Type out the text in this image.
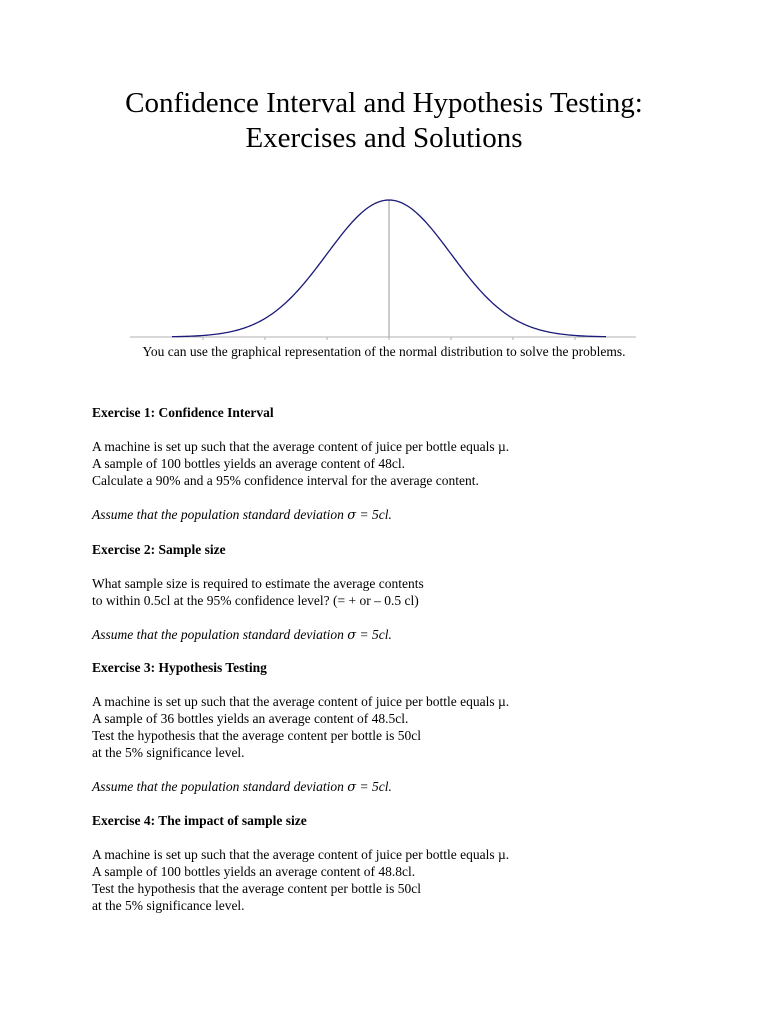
Confidence Interval and Hypothesis Testing:
Exercises and Solutions
You can use the graphical representation of the normal distribution to solve the problems.

Exercise 1: Confidence Interval

A machine is set up such that the average content of juice per bottle equals µ.

A sample of 100 bottles yields an average content of 48cl.

Calculate a 90% and a 95% confidence interval for the average content.

Assume that the population standard deviation σ = 5cl.

Exercise 2: Sample size

What sample size is required to estimate the average contents

to within 0.5cl at the 95% confidence level? (= + or – 0.5 cl)

Assume that the population standard deviation σ = 5cl.

Exercise 3: Hypothesis Testing

A machine is set up such that the average content of juice per bottle equals µ.

A sample of 36 bottles yields an average content of 48.5cl.

Test the hypothesis that the average content per bottle is 50cl

at the 5% significance level.

Assume that the population standard deviation σ = 5cl.

Exercise 4: The impact of sample size

A machine is set up such that the average content of juice per bottle equals µ.

A sample of 100 bottles yields an average content of 48.8cl.

Test the hypothesis that the average content per bottle is 50cl

at the 5% significance level.
